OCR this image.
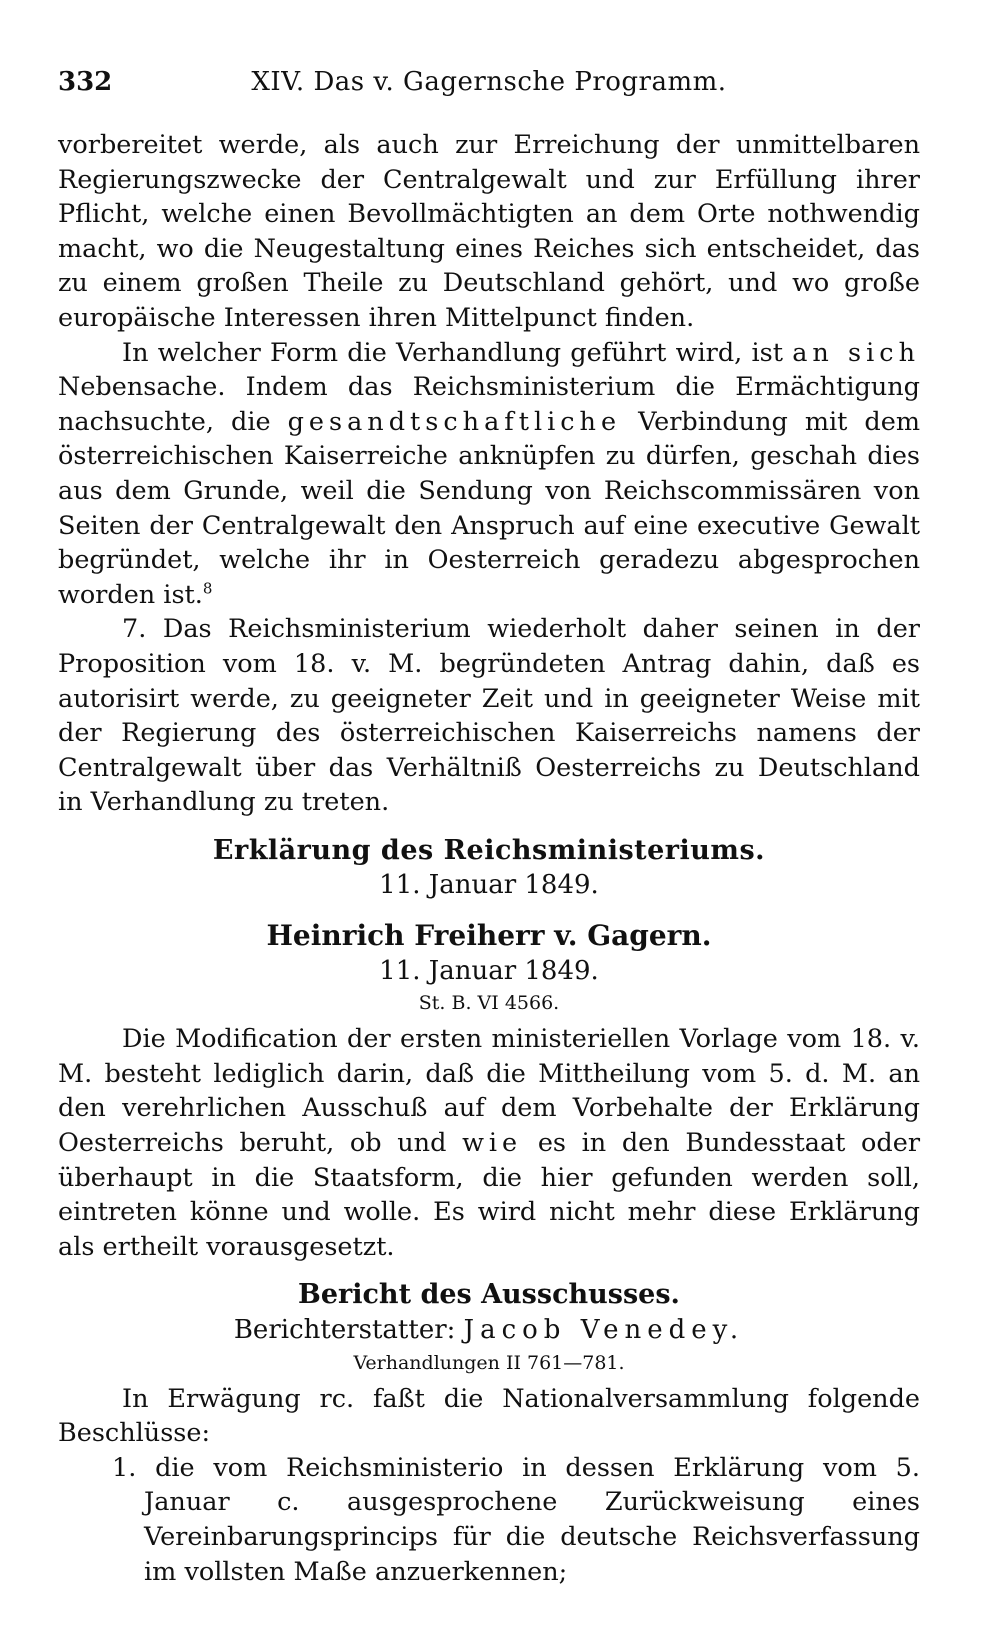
332	XIV. Das v. Gagernsche Programm.

vorbereitet werde, als auch zur Erreichung der unmittelbaren Regierungszwecke der Centralgewalt und zur Erfüllung ihrer Pflicht, welche einen Bevollmächtigten an dem Orte nothwendig macht, wo die Neugestaltung eines Reiches sich entscheidet, das zu einem großen Theile zu Deutschland gehört, und wo große europäische Interessen ihren Mittelpunct finden.

In welcher Form die Verhandlung geführt wird, ist an sich Nebensache. Indem das Reichsministerium die Ermächtigung nachsuchte, die gesandtschaftliche Verbindung mit dem österreichischen Kaiserreiche anknüpfen zu dürfen, geschah dies aus dem Grunde, weil die Sendung von Reichscommissären von Seiten der Centralgewalt den Anspruch auf eine executive Gewalt begründet, welche ihr in Oesterreich geradezu abgesprochen worden ist.$^8$

7. Das Reichsministerium wiederholt daher seinen in der Proposition vom 18. v. M. begründeten Antrag dahin, daß es autorisirt werde, zu geeigneter Zeit und in geeigneter Weise mit der Regierung des österreichischen Kaiserreichs namens der Centralgewalt über das Verhältniß Oesterreichs zu Deutschland in Verhandlung zu treten.

Erklärung des Reichsministeriums.

11. Januar 1849.

Heinrich Freiherr v. Gagern.

11. Januar 1849.

St. B. VI 4566.

Die Modification der ersten ministeriellen Vorlage vom 18. v. M. besteht lediglich darin, daß die Mittheilung vom 5. d. M. an den verehrlichen Ausschuß auf dem Vorbehalte der Erklärung Oesterreichs beruht, ob und wie es in den Bundesstaat oder überhaupt in die Staatsform, die hier gefunden werden soll, eintreten könne und wolle. Es wird nicht mehr diese Erklärung als ertheilt vorausgesetzt.

Bericht des Ausschusses.

Berichterstatter: Jacob Venedey.

Verhandlungen II 761—781.

In Erwägung rc. faßt die Nationalversammlung folgende Beschlüsse:

1. die vom Reichsministerio in dessen Erklärung vom 5. Januar c. ausgesprochene Zurückweisung eines Vereinbarungsprincips für die deutsche Reichsverfassung im vollsten Maße anzuerkennen;
